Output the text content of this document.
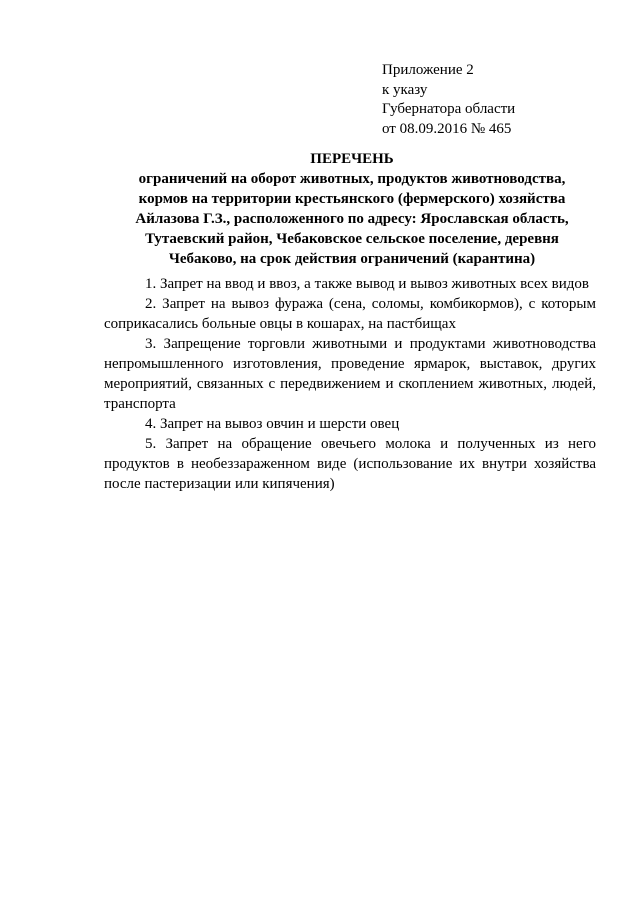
Приложение 2
к указу
Губернатора области
от 08.09.2016 № 465
ПЕРЕЧЕНЬ
ограничений на оборот животных, продуктов животноводства,
кормов на территории крестьянского (фермерского) хозяйства
Айлазова Г.З., расположенного по адресу: Ярославская область,
Тутаевский район, Чебаковское сельское поселение, деревня
Чебаково, на срок действия ограничений (карантина)

1. Запрет на ввод и ввоз, а также вывод и вывоз животных всех видов

2. Запрет на вывоз фуража (сена, соломы, комбикормов), с которым соприкасались больные овцы в кошарах, на пастбищах

3. Запрещение торговли животными и продуктами животноводства непромышленного изготовления, проведение ярмарок, выставок, других мероприятий, связанных с передвижением и скоплением животных, людей, транспорта

4. Запрет на вывоз овчин и шерсти овец

5. Запрет на обращение овечьего молока и полученных из него продуктов в необеззараженном виде (использование их внутри хозяйства после пастеризации или кипячения)
